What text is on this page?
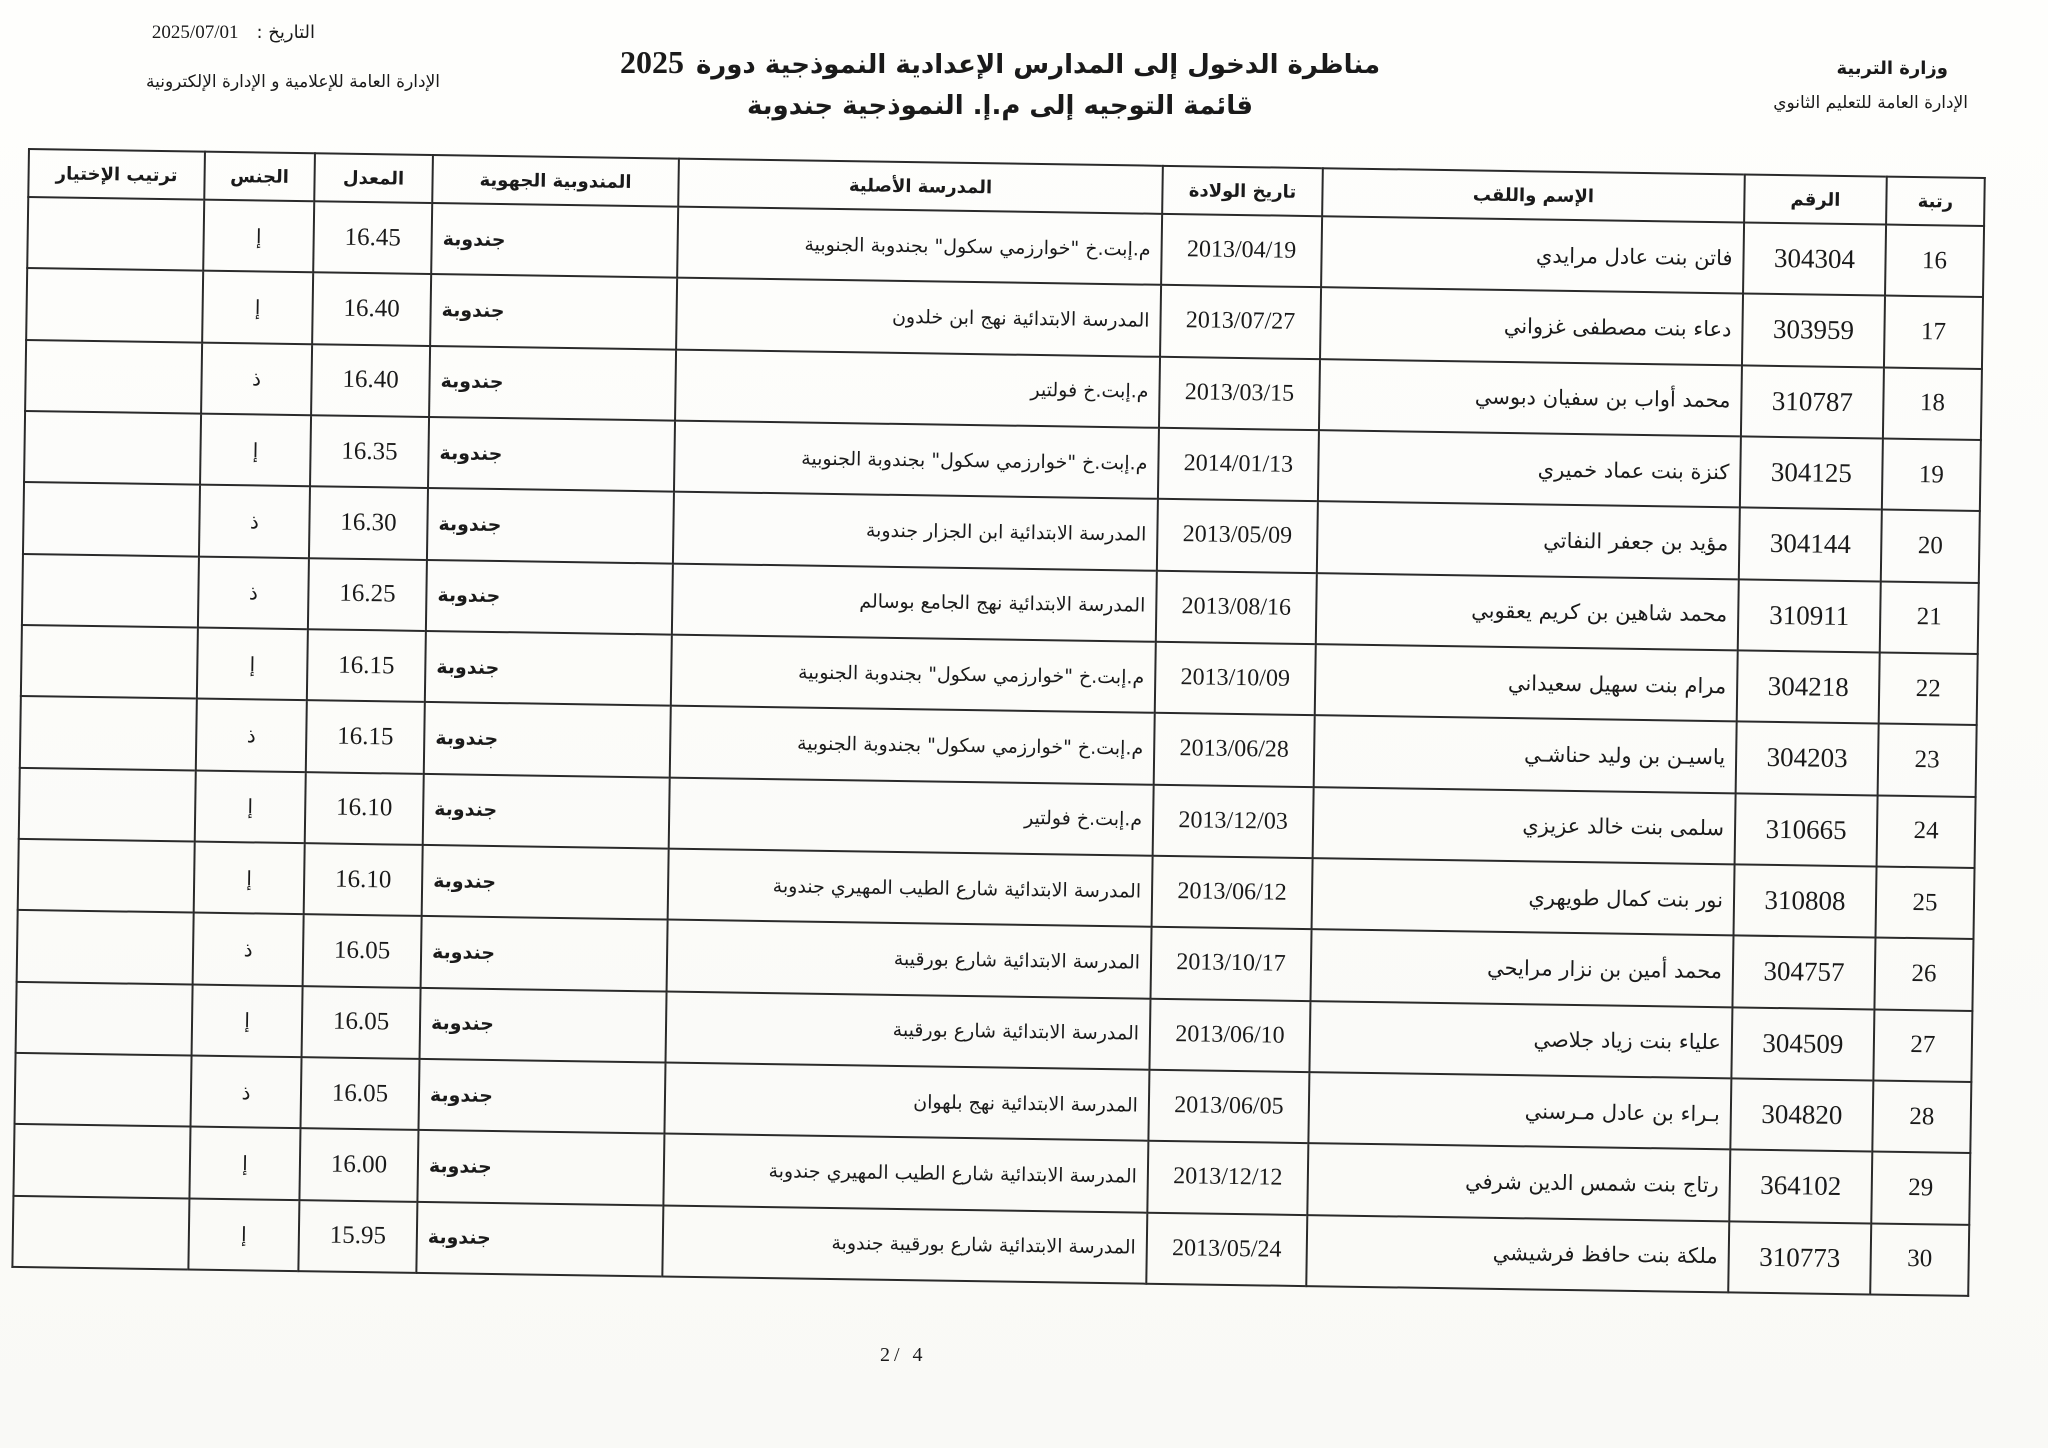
التاريخ :
2025/07/01
الإدارة العامة للإعلامية و الإدارة الإلكترونية
مناظرة الدخول إلى المدارس الإعدادية النموذجية دورة
2025
قائمة التوجيه إلى م.إ. النموذجية جندوبة
وزارة التربية
الإدارة العامة للتعليم الثانوي
رتبة	الرقم	الإسم واللقب	تاريخ الولادة	المدرسة الأصلية	المندوبية الجهوية	المعدل	الجنس	ترتيب الإختيار
16	304304	فاتن بنت عادل مرايدي	2013/04/19	م.إبت.خ "خوارزمي سكول" بجندوبة الجنوبية	جندوبة	16.45	إ	
17	303959	دعاء بنت مصطفى غزواني	2013/07/27	المدرسة الابتدائية نهج ابن خلدون	جندوبة	16.40	إ	
18	310787	محمد أواب بن سفيان دبوسي	2013/03/15	م.إبت.خ فولتير	جندوبة	16.40	ذ	
19	304125	كنزة بنت عماد خميري	2014/01/13	م.إبت.خ "خوارزمي سكول" بجندوبة الجنوبية	جندوبة	16.35	إ	
20	304144	مؤيد بن جعفر النفاتي	2013/05/09	المدرسة الابتدائية ابن الجزار جندوبة	جندوبة	16.30	ذ	
21	310911	محمد شاهين بن كريم يعقوبي	2013/08/16	المدرسة الابتدائية نهج الجامع بوسالم	جندوبة	16.25	ذ	
22	304218	مرام بنت سهيل سعيداني	2013/10/09	م.إبت.خ "خوارزمي سكول" بجندوبة الجنوبية	جندوبة	16.15	إ	
23	304203	ياسيـن بن وليد حناشـي	2013/06/28	م.إبت.خ "خوارزمي سكول" بجندوبة الجنوبية	جندوبة	16.15	ذ	
24	310665	سلمى بنت خالد عزيزي	2013/12/03	م.إبت.خ فولتير	جندوبة	16.10	إ	
25	310808	نور بنت كمال طويهري	2013/06/12	المدرسة الابتدائية شارع الطيب المهيري جندوبة	جندوبة	16.10	إ	
26	304757	محمد أمين بن نزار مرايحي	2013/10/17	المدرسة الابتدائية شارع بورقيبة	جندوبة	16.05	ذ	
27	304509	علياء بنت زياد جلاصي	2013/06/10	المدرسة الابتدائية شارع بورقيبة	جندوبة	16.05	إ	
28	304820	بـراء بن عادل مـرسني	2013/06/05	المدرسة الابتدائية نهج بلهوان	جندوبة	16.05	ذ	
29	364102	رتاج بنت شمس الدين شرفي	2013/12/12	المدرسة الابتدائية شارع الطيب المهيري جندوبة	جندوبة	16.00	إ	
30	310773	ملكة بنت حافظ فرشيشي	2013/05/24	المدرسة الابتدائية شارع بورقيبة جندوبة	جندوبة	15.95	إ	
2/ 4
